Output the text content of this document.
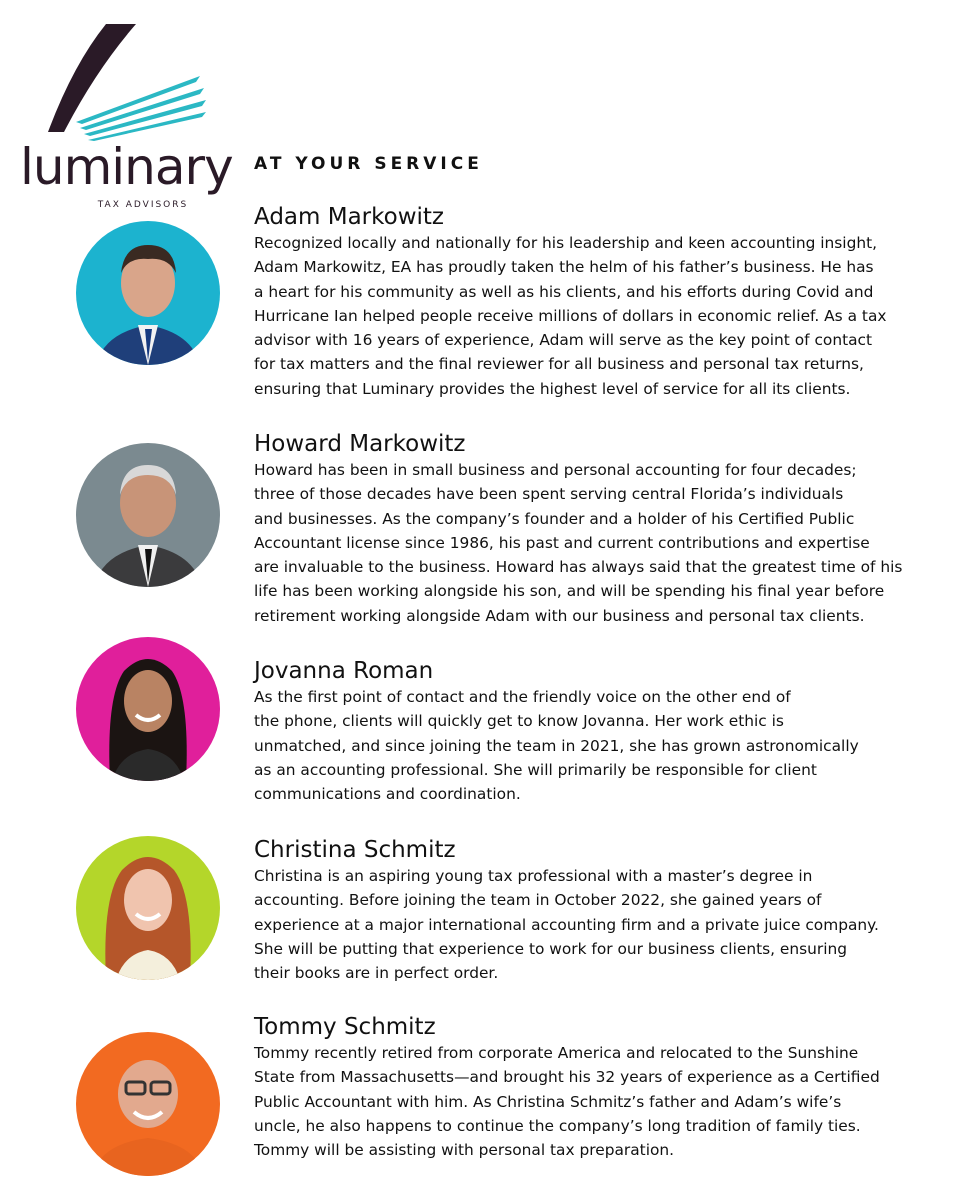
luminary
TAX ADVISORS
AT YOUR SERVICE
Adam Markowitz
Recognized locally and nationally for his leadership and keen accounting insight,
Adam Markowitz, EA has proudly taken the helm of his father’s business. He has
a heart for his community as well as his clients, and his efforts during Covid and
Hurricane Ian helped people receive millions of dollars in economic relief. As a tax
advisor with 16 years of experience, Adam will serve as the key point of contact
for tax matters and the final reviewer for all business and personal tax returns,
ensuring that Luminary provides the highest level of service for all its clients.
Howard Markowitz
Howard has been in small business and personal accounting for four decades;
three of those decades have been spent serving central Florida’s individuals
and businesses. As the company’s founder and a holder of his Certified Public
Accountant license since 1986, his past and current contributions and expertise
are invaluable to the business. Howard has always said that the greatest time of his
life has been working alongside his son, and will be spending his final year before
retirement working alongside Adam with our business and personal tax clients.
Jovanna Roman
As the first point of contact and the friendly voice on the other end of
the phone, clients will quickly get to know Jovanna. Her work ethic is
unmatched, and since joining the team in 2021, she has grown astronomically
as an accounting professional. She will primarily be responsible for client
communications and coordination.
Christina Schmitz
Christina is an aspiring young tax professional with a master’s degree in
accounting. Before joining the team in October 2022, she gained years of
experience at a major international accounting firm and a private juice company.
She will be putting that experience to work for our business clients, ensuring
their books are in perfect order.
Tommy Schmitz
Tommy recently retired from corporate America and relocated to the Sunshine
State from Massachusetts—and brought his 32 years of experience as a Certified
Public Accountant with him. As Christina Schmitz’s father and Adam’s wife’s
uncle, he also happens to continue the company’s long tradition of family ties.
Tommy will be assisting with personal tax preparation.
